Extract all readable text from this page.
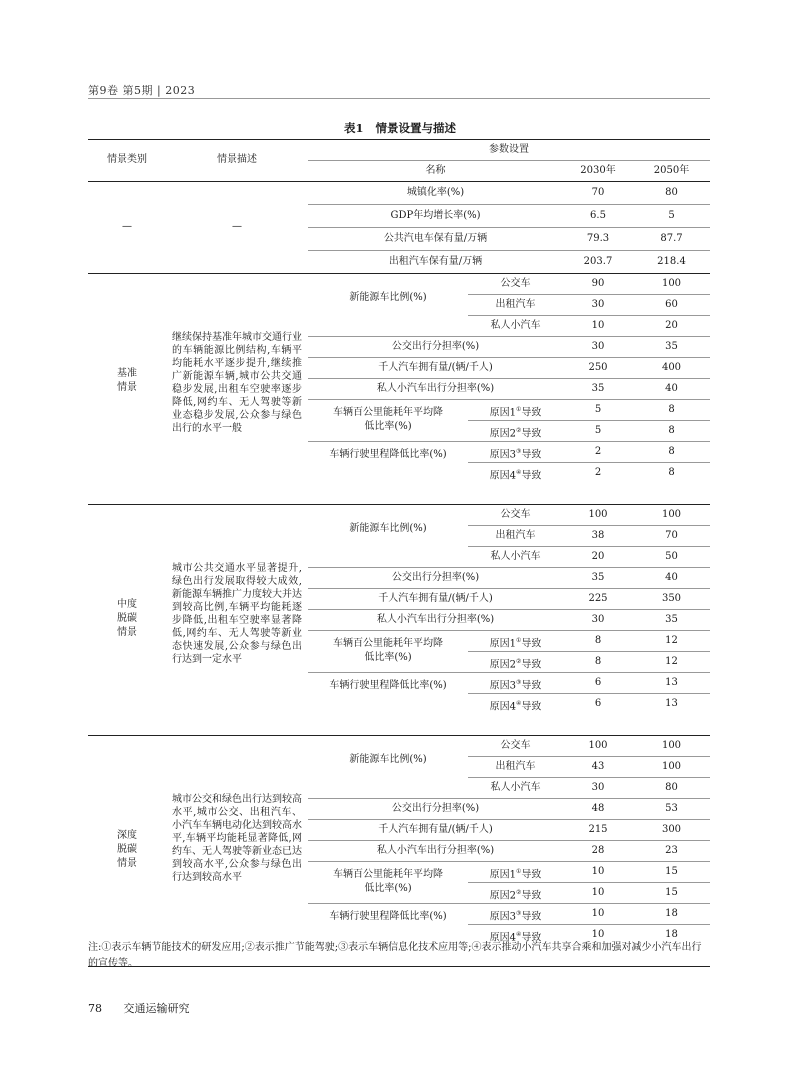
第9卷 第5期 | 2023
表1 情景设置与描述
情景类别	情景描述
参数设置
名称	2030年	2050年
—	—
城镇化率(%)	70	80
GDP年均增长率(%)	6.5	5
公共汽电车保有量/万辆	79.3	87.7
出租汽车保有量/万辆	203.7	218.4
基准情景
继续保持基准年城市交通行业的车辆能源比例结构,车辆平均能耗水平逐步提升,继续推广新能源车辆,城市公共交通稳步发展,出租车空驶率逐步降低,网约车、无人驾驶等新业态稳步发展,公众参与绿色出行的水平一般
新能源车比例(%)
公交车	90	100
出租汽车	30	60
私人小汽车	10	20
公交出行分担率(%)	30	35
千人汽车拥有量/(辆/千人)	250	400
私人小汽车出行分担率(%)	35	40
车辆百公里能耗年平均降低比率(%)
原因1①导致	5	8
原因2②导致	5	8
车辆行驶里程降低比率(%)	原因3③导致	2	8
原因4④导致	2	8
中度脱碳情景
城市公共交通水平显著提升,绿色出行发展取得较大成效,新能源车辆推广力度较大并达到较高比例,车辆平均能耗逐步降低,出租车空驶率显著降低,网约车、无人驾驶等新业态快速发展,公众参与绿色出行达到一定水平
新能源车比例(%)
公交车	100	100
出租汽车	38	70
私人小汽车	20	50
公交出行分担率(%)	35	40
千人汽车拥有量/(辆/千人)	225	350
私人小汽车出行分担率(%)	30	35
车辆百公里能耗年平均降低比率(%)
原因1①导致	8	12
原因2②导致	8	12
车辆行驶里程降低比率(%)	原因3③导致	6	13
原因4④导致	6	13
深度脱碳情景
城市公交和绿色出行达到较高水平,城市公交、出租汽车、小汽车车辆电动化达到较高水平,车辆平均能耗显著降低,网约车、无人驾驶等新业态已达到较高水平,公众参与绿色出行达到较高水平
新能源车比例(%)
公交车	100	100
出租汽车	43	100
私人小汽车	30	80
公交出行分担率(%)	48	53
千人汽车拥有量/(辆/千人)	215	300
私人小汽车出行分担率(%)	28	23
车辆百公里能耗年平均降低比率(%)
原因1①导致	10	15
原因2②导致	10	15
车辆行驶里程降低比率(%)	原因3③导致	10	18
原因4④导致	10	18
注:①表示车辆节能技术的研发应用;②表示推广节能驾驶;③表示车辆信息化技术应用等;④表示推动小汽车共享合乘和加强对减少小汽车出行的宣传等。
78 交通运输研究
